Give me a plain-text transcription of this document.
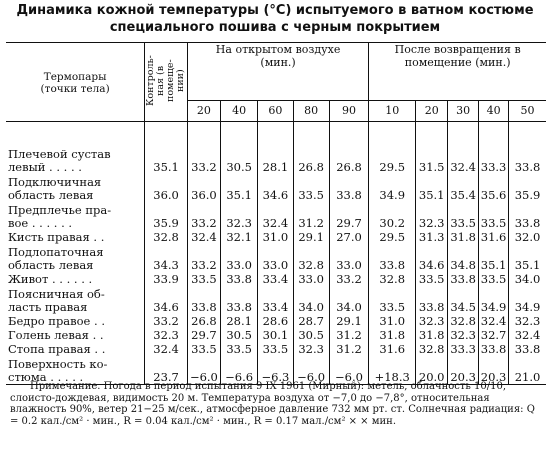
Динамика кожной температуры (°С) испытуемого в ватном костюме специального пошива с черным покрытием
Термопары
(точки тела)	Контроль-
ная (в
помеще-
нии)	На открытом воздухе
(мин.)					После возвращения в
помещение (мин.)				
		20	40	60	80	90	10	20	30	40	50
Плечевой сустав
левый . . . . .	35.1	33.2	30.5	28.1	26.8	26.8	29.5	31.5	32.4	33.3	33.8
Подключичная
область левая	36.0	36.0	35.1	34.6	33.5	33.8	34.9	35.1	35.4	35.6	35.9
Предплечье пра-
вое . . . . . .	35.9	33.2	32.3	32.4	31.2	29.7	30.2	32.3	33.5	33.5	33.8
Кисть правая . .	32.8	32.4	32.1	31.0	29.1	27.0	29.5	31.3	31.8	31.6	32.0
Подлопаточная
область левая	34.3	33.2	33.0	33.0	32.8	33.0	33.8	34.6	34.8	35.1	35.1
Живот . . . . . .	33.9	33.5	33.8	33.4	33.0	33.2	32.8	33.5	33.8	33.5	34.0
Поясничная об-
ласть правая	34.6	33.8	33.8	33.4	34.0	34.0	33.5	33.8	34.5	34.9	34.9
Бедро правое . .	33.2	26.8	28.1	28.6	28.7	29.1	31.0	32.3	32.8	32.4	32.3
Голень левая . .	32.3	29.7	30.5	30.1	30.5	31.2	31.8	31.8	32.3	32.7	32.4
Стопа правая . .	32.4	33.5	33.5	33.5	32.3	31.2	31.6	32.8	33.3	33.8	33.8
Поверхность ко-
стюма . . . . .	23.7	−6.0	−6.6	−6.3	−6.0	−6.0	+18.3	20.0	20.3	20.3	21.0
Примечание. Погода в период испытания 9 IX 1961 (Мирный): метель, облачность 10/10, слоисто-дождевая, видимость 20 м. Температура воздуха от −7,0 до −7,8°, относительная влажность 90%, ветер 21−25 м/сек., атмосферное давление 732 мм рт. ст. Солнечная радиация: Q = 0.2 кал./см² · мин., R = 0.04 кал./см² · мин., R = 0.17 мал./см² × × мин.
